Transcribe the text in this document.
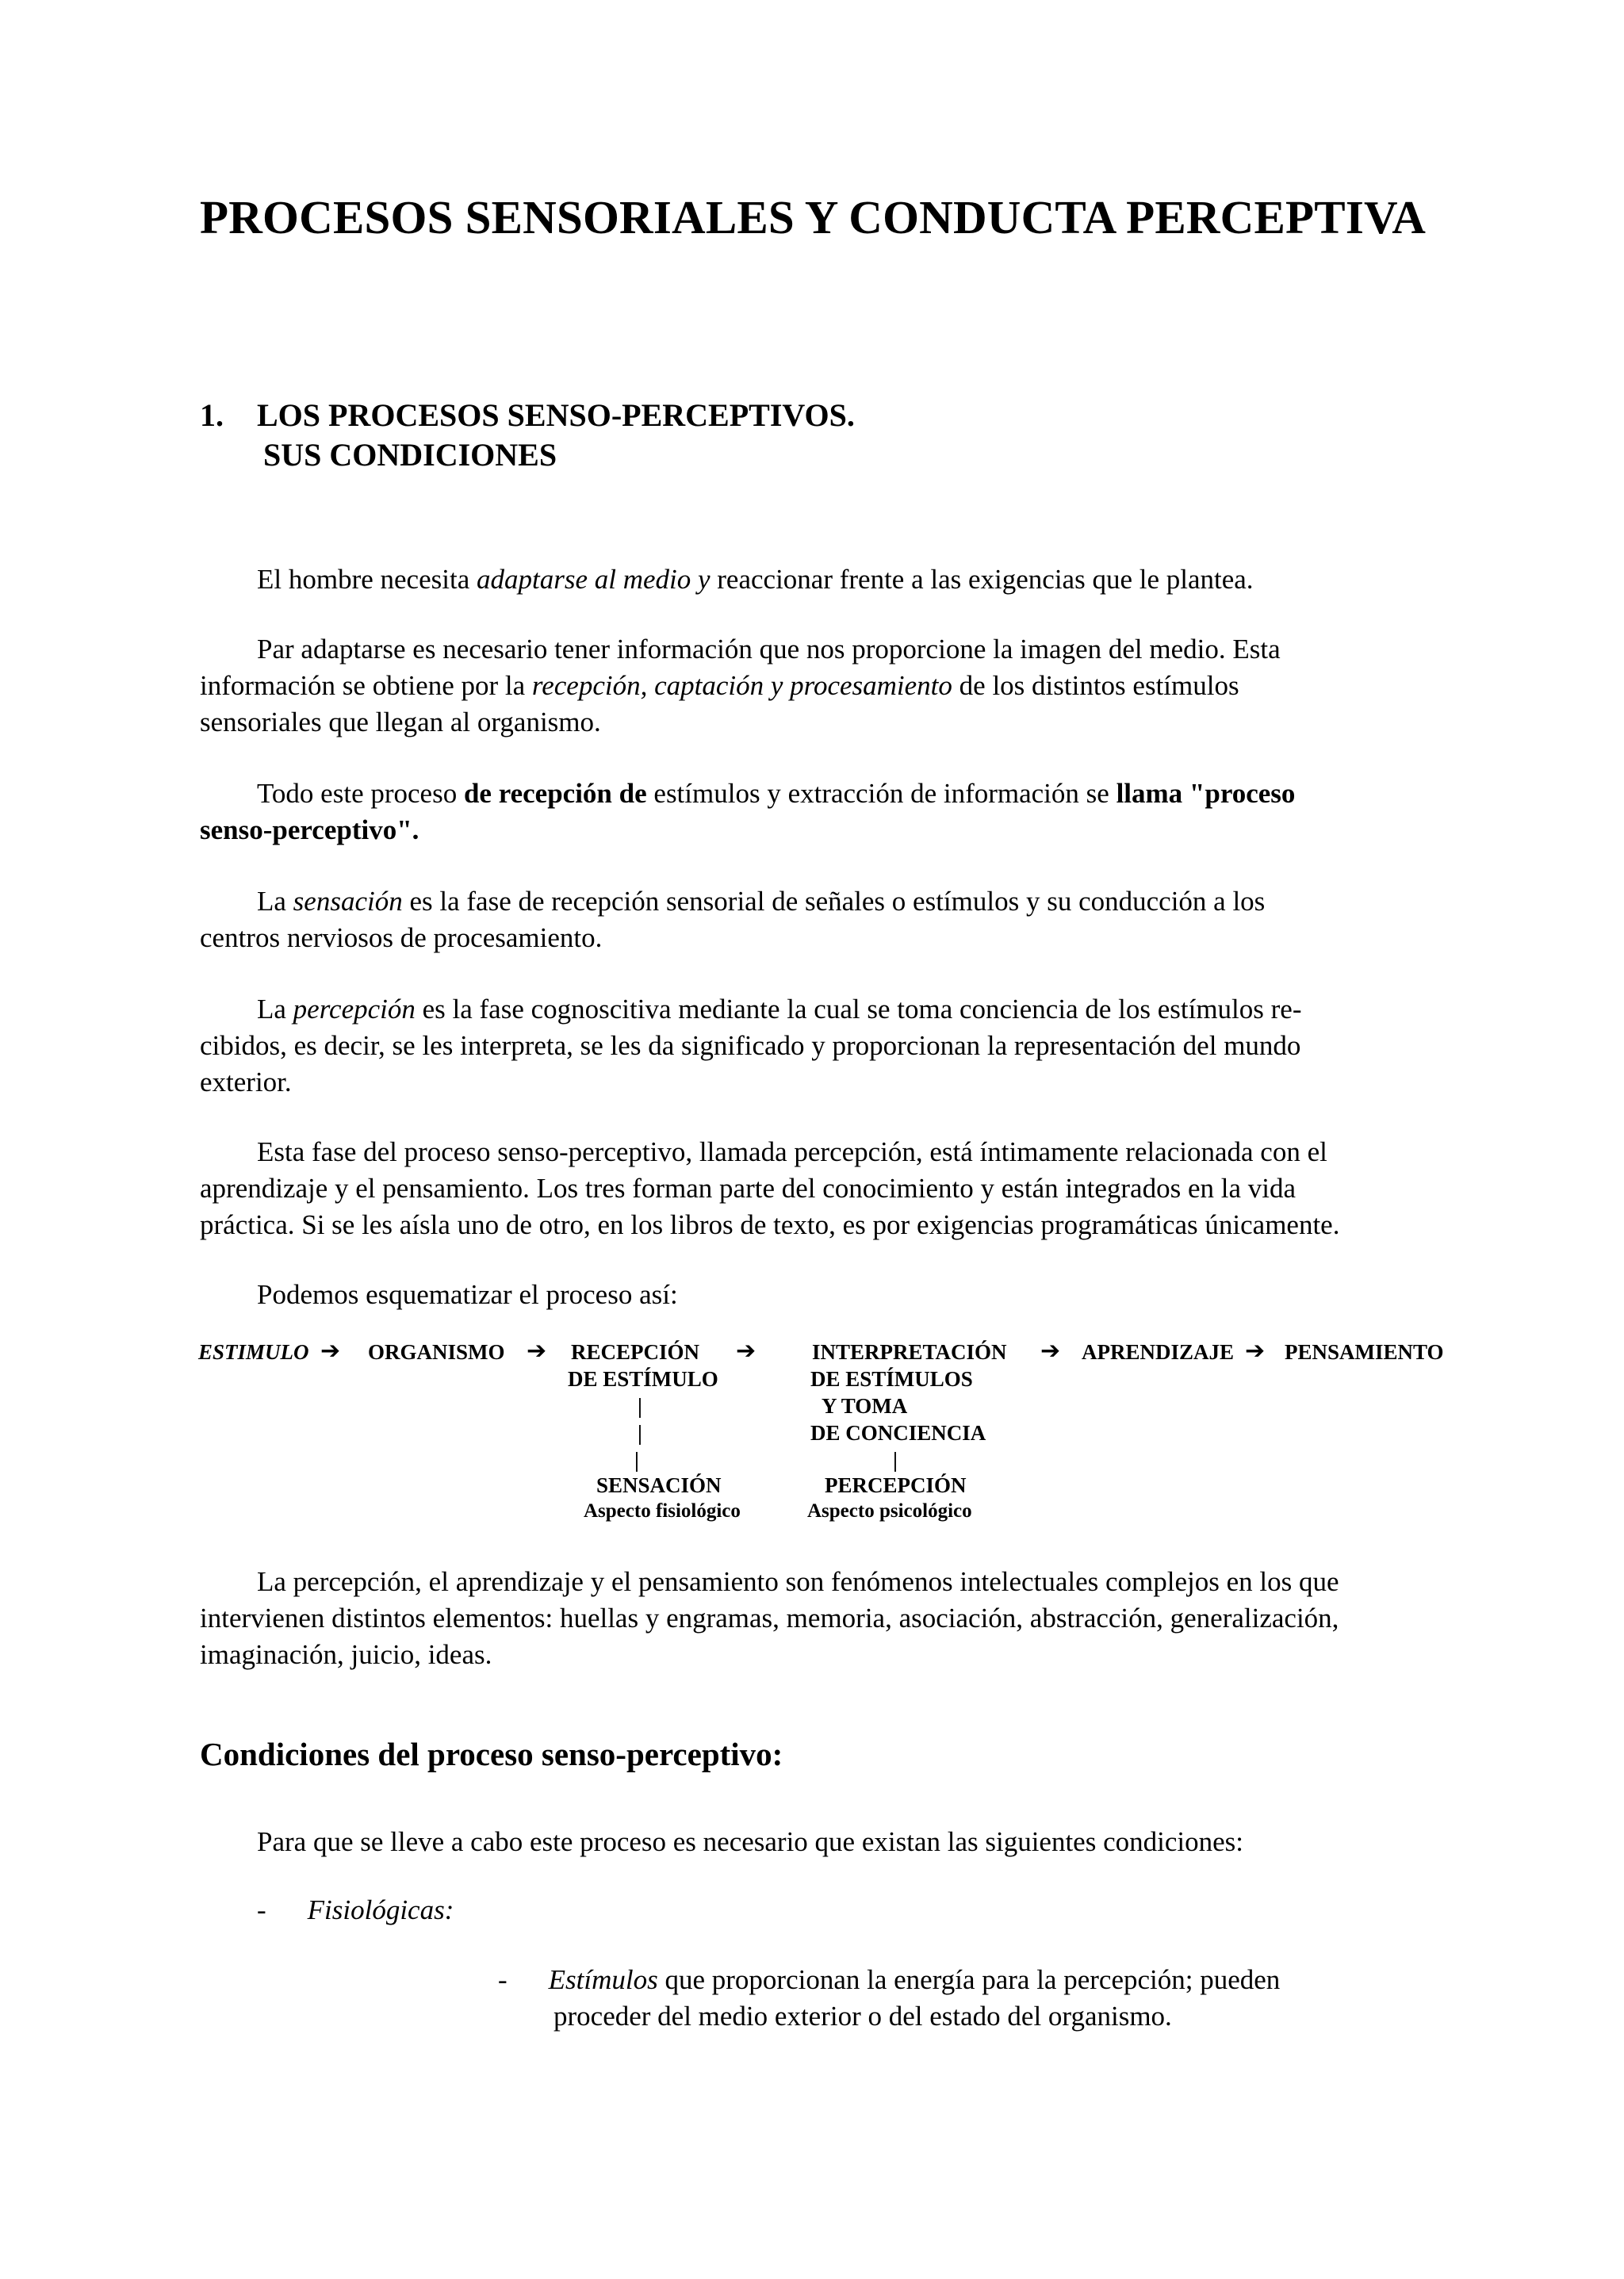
PROCESOS SENSORIALES Y CONDUCTA PERCEPTIVA
1. LOS PROCESOS SENSO-PERCEPTIVOS.
SUS CONDICIONES
El hombre necesita adaptarse al medio y reaccionar frente a las exigencias que le plantea.
Par adaptarse es necesario tener información que nos proporcione la imagen del medio. Esta
información se obtiene por la recepción, captación y procesamiento de los distintos estímulos
sensoriales que llegan al organismo.
Todo este proceso de recepción de estímulos y extracción de información se llama "proceso
senso-perceptivo".
La sensación es la fase de recepción sensorial de señales o estímulos y su conducción a los
centros nerviosos de procesamiento.
La percepción es la fase cognoscitiva mediante la cual se toma conciencia de los estímulos re-
cibidos, es decir, se les interpreta, se les da significado y proporcionan la representación del mundo
exterior.
Esta fase del proceso senso-perceptivo, llamada percepción, está íntimamente relacionada con el
aprendizaje y el pensamiento. Los tres forman parte del conocimiento y están integrados en la vida
práctica. Si se les aísla uno de otro, en los libros de texto, es por exigencias programáticas únicamente.
Podemos esquematizar el proceso así:
ESTIMULO ➔ ORGANISMO ➔ RECEPCIÓN ➔	INTERPRETACIÓN ➔ APRENDIZAJE ➔ PENSAMIENTO
DE ESTÍMULO	DE ESTÍMULOS
|	Y TOMA
|	DE CONCIENCIA
|	|
SENSACIÓN	PERCEPCIÓN
Aspecto fisiológico	Aspecto psicológico
La percepción, el aprendizaje y el pensamiento son fenómenos intelectuales complejos en los que
intervienen distintos elementos: huellas y engramas, memoria, asociación, abstracción, generalización,
imaginación, juicio, ideas.
Condiciones del proceso senso-perceptivo:
Para que se lleve a cabo este proceso es necesario que existan las siguientes condiciones:
- Fisiológicas:
- Estímulos que proporcionan la energía para la percepción; pueden
proceder del medio exterior o del estado del organismo.
